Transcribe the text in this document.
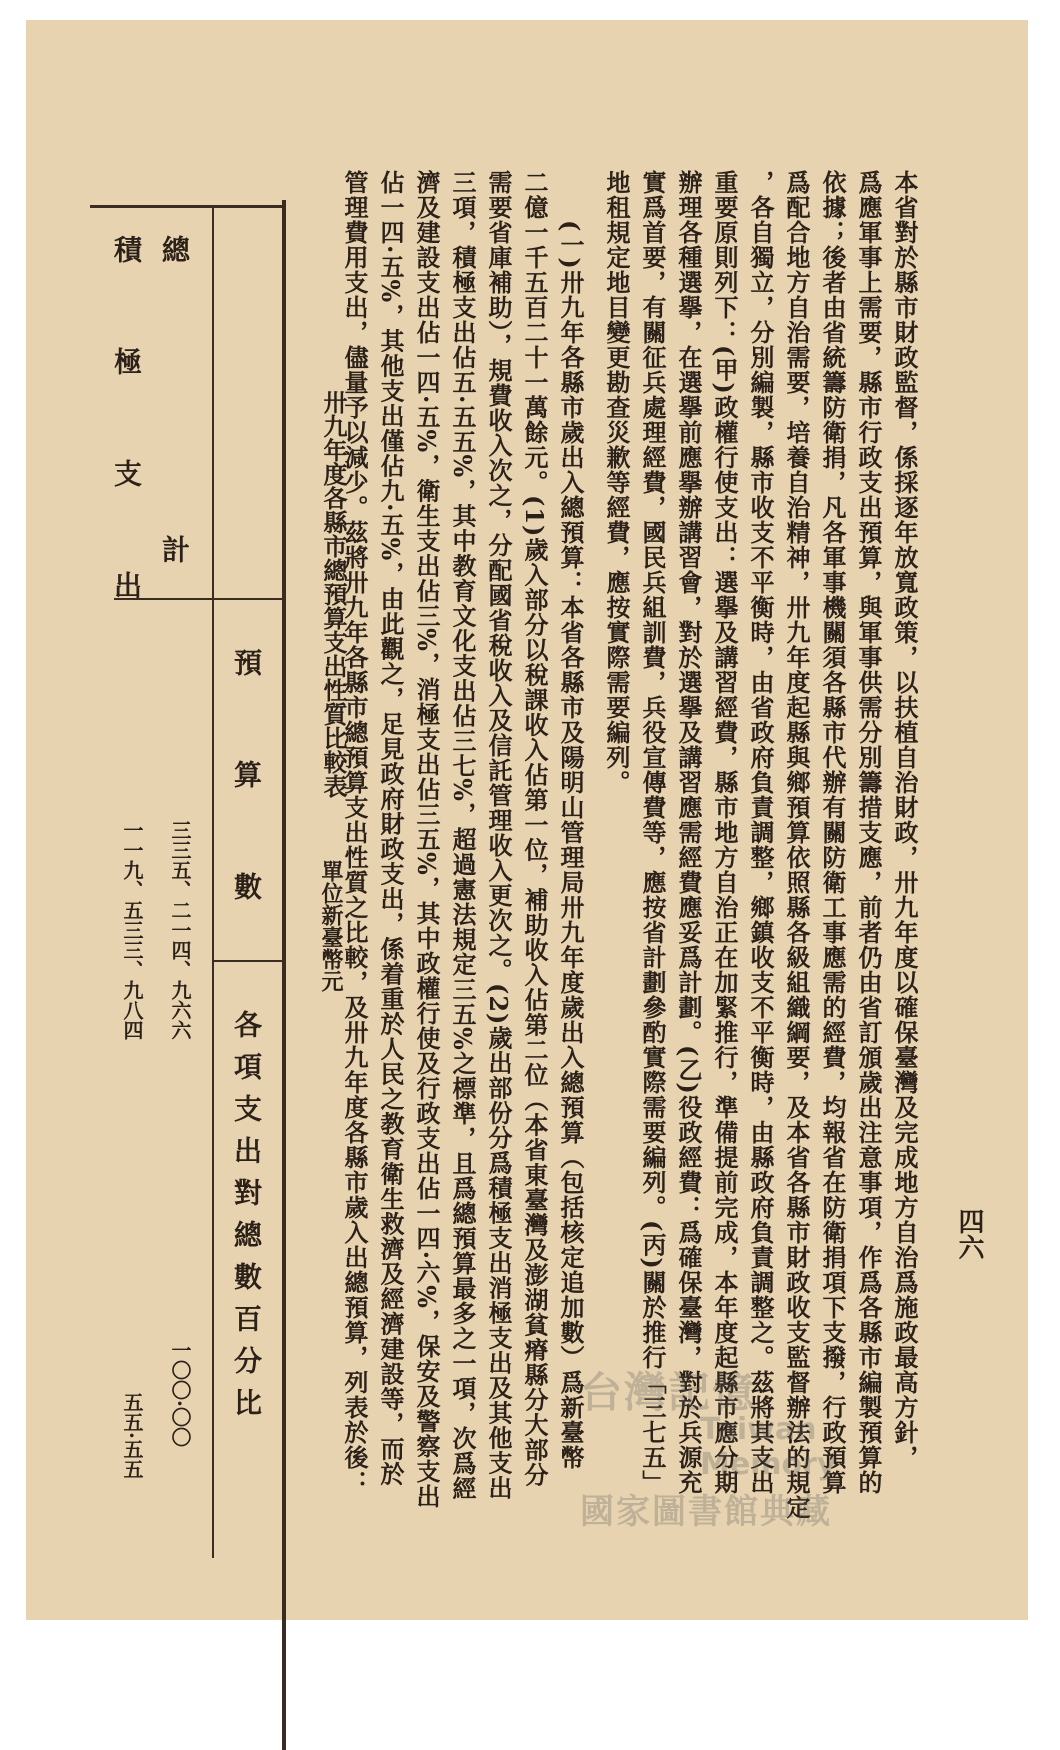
四六
本省對於縣市財政監督，係採逐年放寬政策，以扶植自治財政，卅九年度以確保臺灣及完成地方自治爲施政最高方針，
爲應軍事上需要，縣市行政支出預算，與軍事供需分別籌措支應，前者仍由省訂頒歲出注意事項，作爲各縣市編製預算的
依據；後者由省統籌防衛捐，凡各軍事機關須各縣市代辦有關防衛工事應需的經費，均報省在防衛捐項下支撥，行政預算
爲配合地方自治需要，培養自治精神，卅九年度起縣與鄉預算依照縣各級組織綱要，及本省各縣市財政收支監督辦法的規定
，各自獨立，分別編製，縣市收支不平衡時，由省政府負責調整，鄉鎮收支不平衡時，由縣政府負責調整之。茲將其支出
重要原則列下：(甲)政權行使支出：選擧及講習經費，縣市地方自治正在加緊推行，準備提前完成，本年度起縣市應分期
辦理各種選擧，在選擧前應擧辦講習會，對於選擧及講習應需經費應妥爲計劃。(乙)役政經費：爲確保臺灣，對於兵源充
實爲首要，有關征兵處理經費，國民兵組訓費，兵役宣傳費等，應按省計劃參酌實際需要編列。(丙)關於推行「三七五」
地租規定地目變更勘查災歉等經費，應按實際需要編列。
(一)卅九年各縣市歲出入總預算：本省各縣市及陽明山管理局卅九年度歲出入總預算（包括核定追加數）爲新臺幣
二億一千五百二十一萬餘元。(1)歲入部分以稅課收入佔第一位，補助收入佔第二位（本省東臺灣及澎湖貧瘠縣分大部分
需要省庫補助），規費收入次之，分配國省稅收入及信託管理收入更次之。(2)歲出部份分爲積極支出消極支出及其他支出
三項，積極支出佔五·五五%，其中教育文化支出佔三七%，超過憲法規定三五%之標準，且爲總預算最多之一項，次爲經
濟及建設支出佔一四·五%，衛生支出佔三%，消極支出佔三五%，其中政權行使及行政支出佔一四·六%，保安及警察支出
佔一四·五%，其他支出僅佔九·五%，由此觀之，足見政府財政支出，係着重於人民之教育衛生救濟及經濟建設等，而於
管理費用支出，儘量予以減少。茲將卅九年各縣市總預算支出性質之比較，及卅九年度各縣市歲入出總預算，列表於後：
卅九年度各縣市總預算支出性質比較表
單位新臺幣元
總計
積極支出
預算數
各項支出對總數百分比
三三五、二一四、九六六
一一九、五三三、九八四
一〇〇·〇〇
五五·五五	台灣記憶
Taiwan Memory
國家圖書館典藏
